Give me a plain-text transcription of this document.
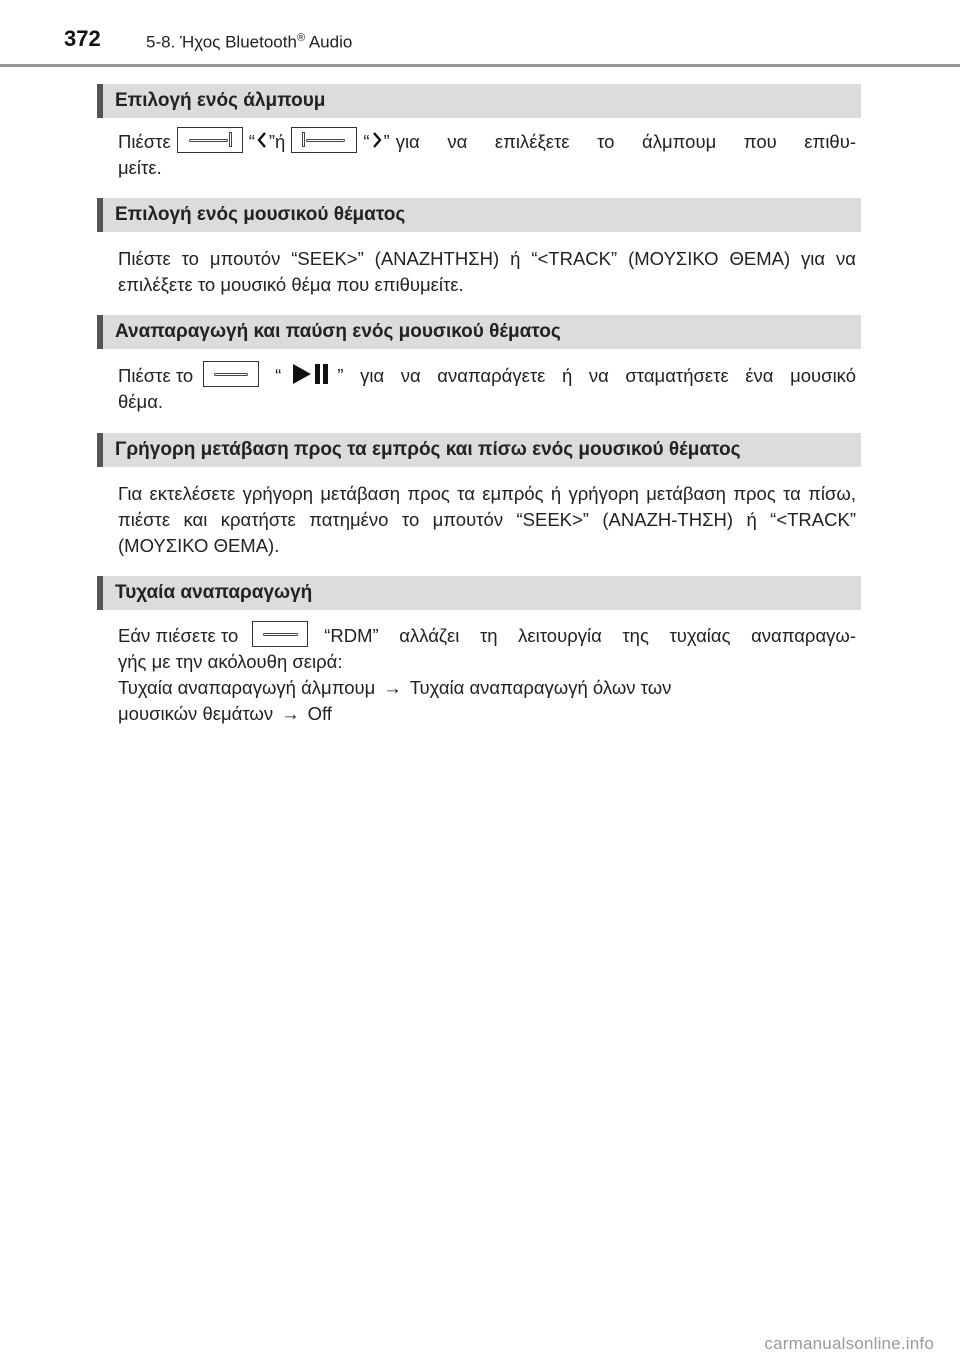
372	5-8. Ήχος Bluetooth® Audio
Επιλογή ενός άλμπουμ
Πιέστε	“ ” ή	“ ” για να επιλέξετε το άλμπουμ που επιθυ-
μείτε.
Επιλογή ενός μουσικού θέματος
Πιέστε το μπουτόν “SEEK>” (ΑΝΑΖΗΤΗΣΗ) ή “<TRACK” (ΜΟΥΣΙΚΟ ΘΕΜΑ) για να επιλέξετε το μουσικό θέμα που επιθυμείτε.
Αναπαραγωγή και παύση ενός μουσικού θέματος
Πιέστε το	“	” για να αναπαράγετε ή να σταματήσετε ένα μουσικό
θέμα.
Γρήγορη μετάβαση προς τα εμπρός και πίσω ενός μουσικού θέματος
Για εκτελέσετε γρήγορη μετάβαση προς τα εμπρός ή γρήγορη μετάβαση προς τα πίσω, πιέστε και κρατήστε πατημένο το μπουτόν “SEEK>” (ΑΝΑΖΗ-ΤΗΣΗ) ή “<TRACK” (ΜΟΥΣΙΚΟ ΘΕΜΑ).
Τυχαία αναπαραγωγή
Εάν πιέσετε το	“RDM” αλλάζει τη λειτουργία της τυχαίας αναπαραγω-
γής με την ακόλουθη σειρά:
Τυχαία αναπαραγωγή άλμπουμ → Τυχαία αναπαραγωγή όλων των
μουσικών θεμάτων → Off
carmanualsonline.info
